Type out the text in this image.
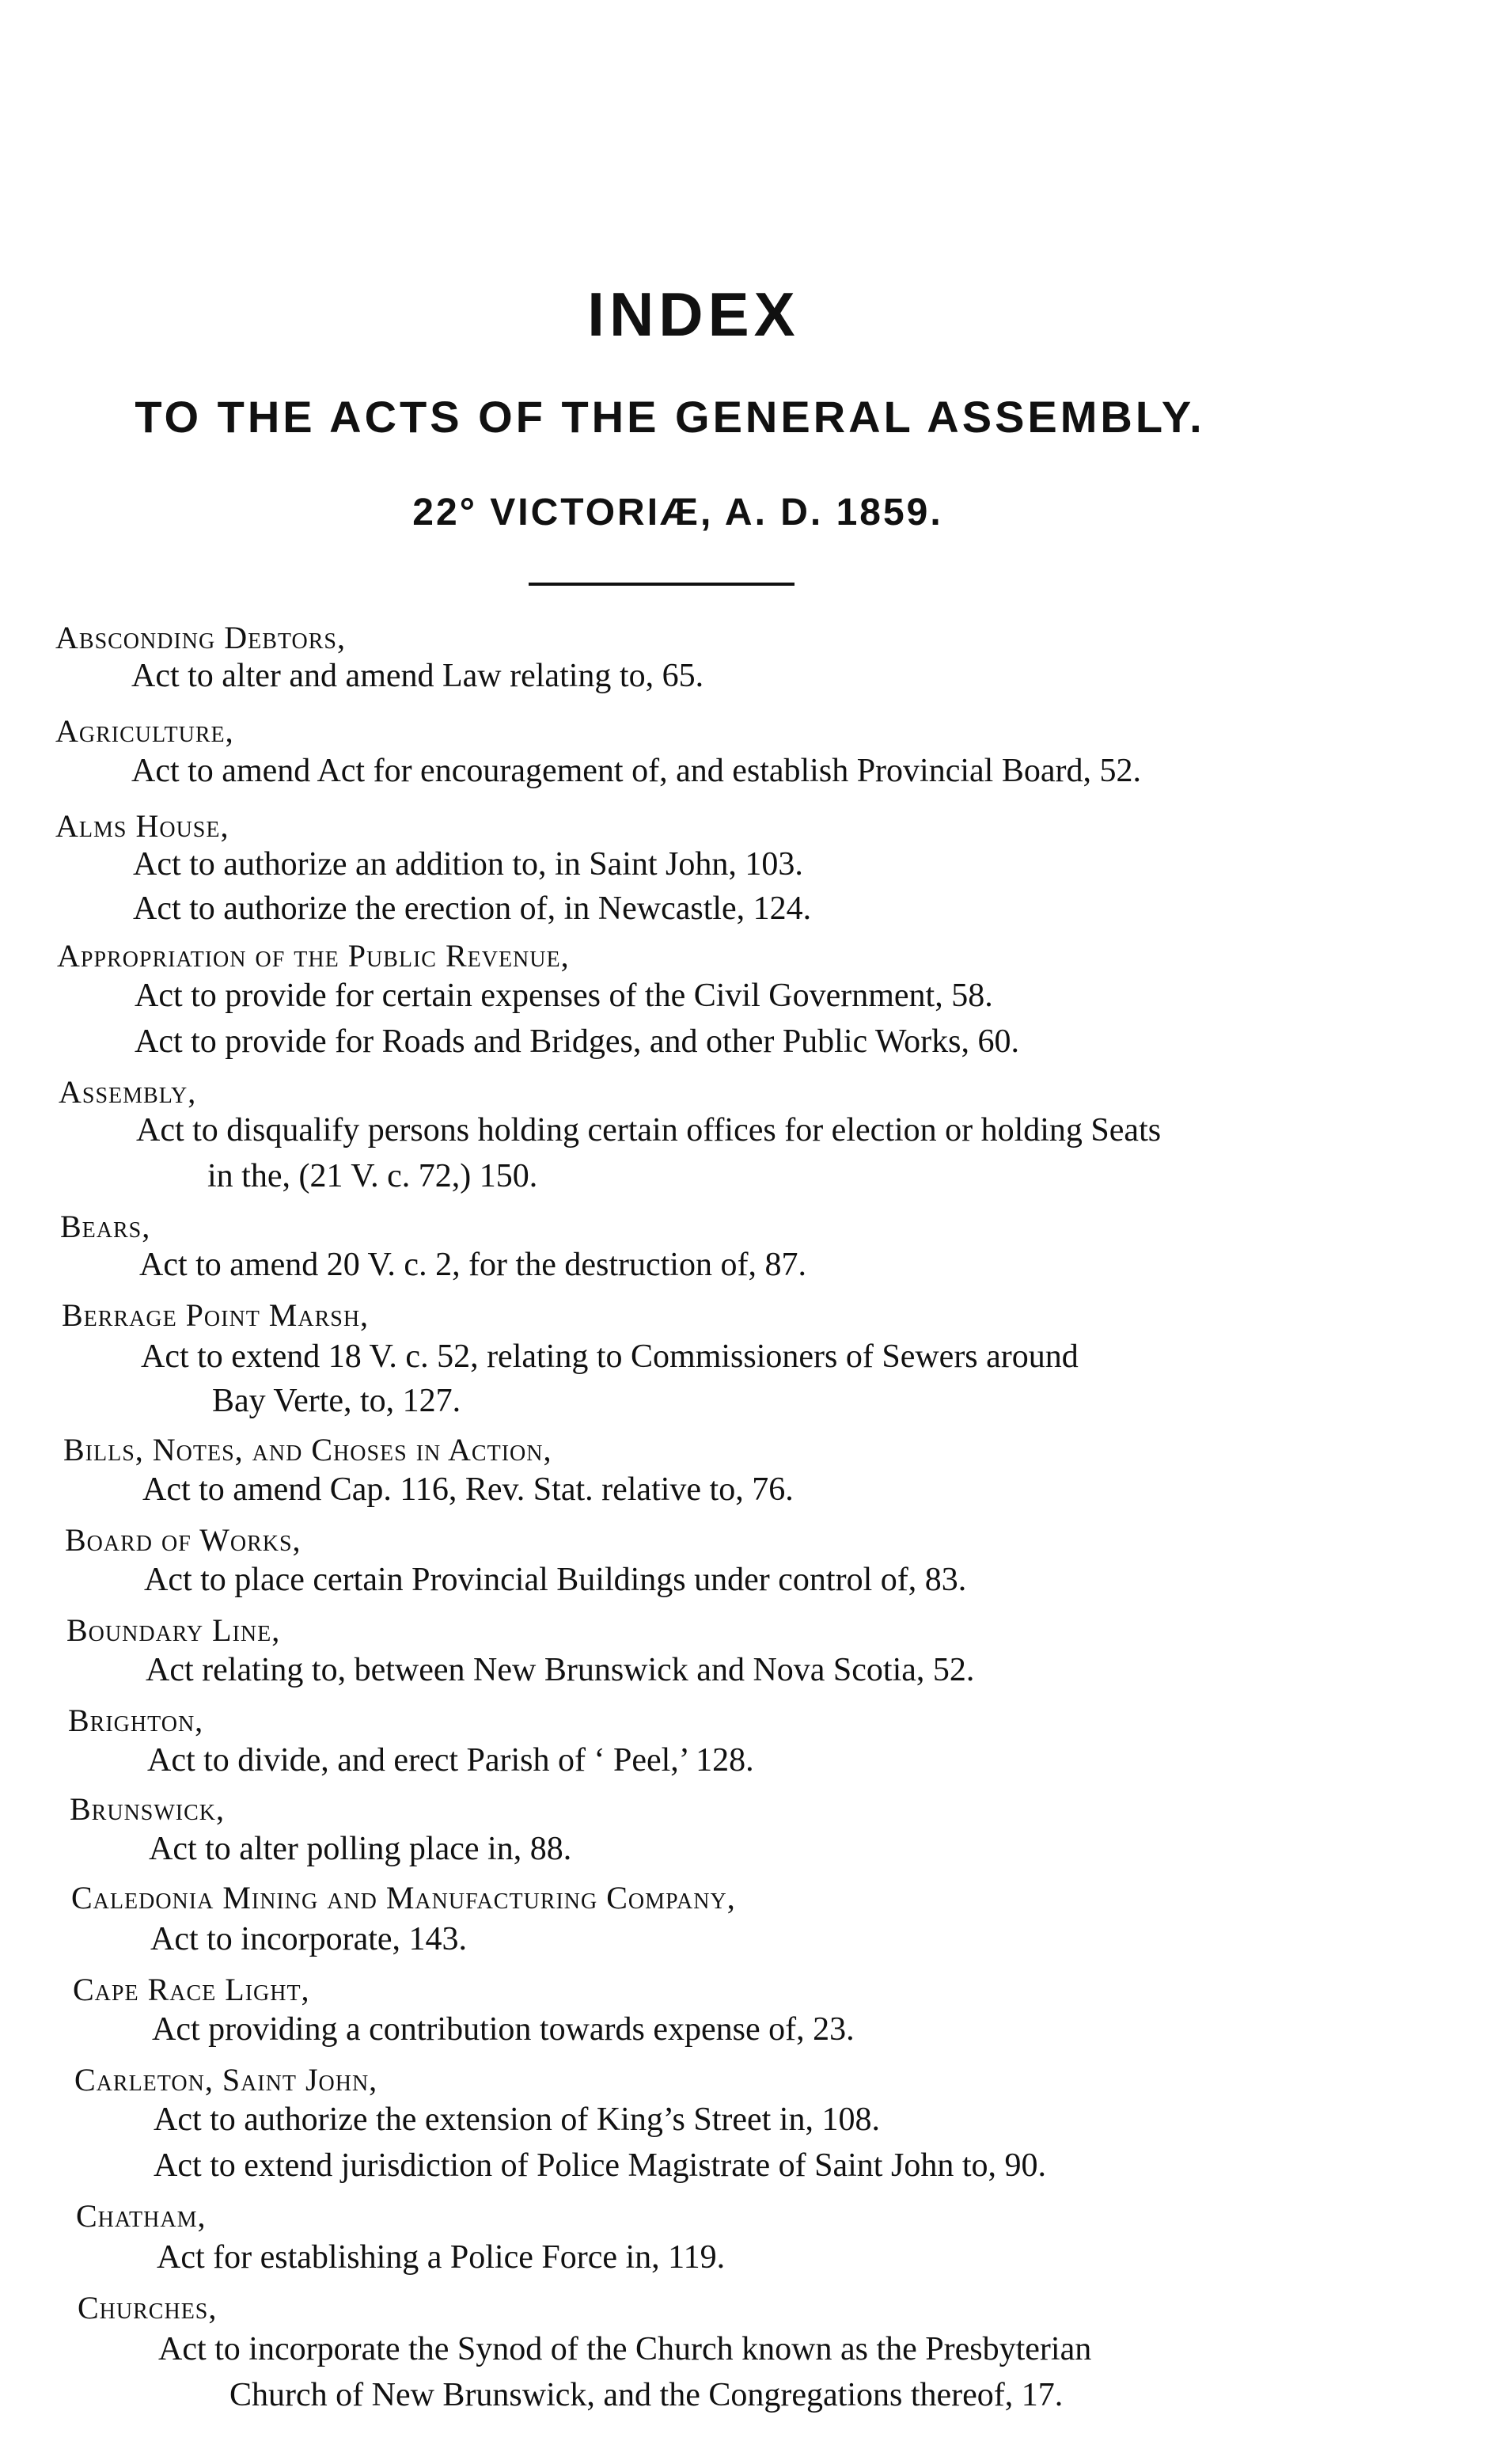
INDEX
TO THE ACTS OF THE GENERAL ASSEMBLY.
22° VICTORIÆ, A. D. 1859.
Absconding Debtors,
Act to alter and amend Law relating to, 65.
Agriculture,
Act to amend Act for encouragement of, and establish Provincial Board, 52.
Alms House,
Act to authorize an addition to, in Saint John, 103.
Act to authorize the erection of, in Newcastle, 124.
Appropriation of the Public Revenue,
Act to provide for certain expenses of the Civil Government, 58.
Act to provide for Roads and Bridges, and other Public Works, 60.
Assembly,
Act to disqualify persons holding certain offices for election or holding Seats
in the, (21 V. c. 72,) 150.
Bears,
Act to amend 20 V. c. 2, for the destruction of, 87.
Berrage Point Marsh,
Act to extend 18 V. c. 52, relating to Commissioners of Sewers around
Bay Verte, to, 127.
Bills, Notes, and Choses in Action,
Act to amend Cap. 116, Rev. Stat. relative to, 76.
Board of Works,
Act to place certain Provincial Buildings under control of, 83.
Boundary Line,
Act relating to, between New Brunswick and Nova Scotia, 52.
Brighton,
Act to divide, and erect Parish of ‘ Peel,’ 128.
Brunswick,
Act to alter polling place in, 88.
Caledonia Mining and Manufacturing Company,
Act to incorporate, 143.
Cape Race Light,
Act providing a contribution towards expense of, 23.
Carleton, Saint John,
Act to authorize the extension of King’s Street in, 108.
Act to extend jurisdiction of Police Magistrate of Saint John to, 90.
Chatham,
Act for establishing a Police Force in, 119.
Churches,
Act to incorporate the Synod of the Church known as the Presbyterian
Church of New Brunswick, and the Congregations thereof, 17.
